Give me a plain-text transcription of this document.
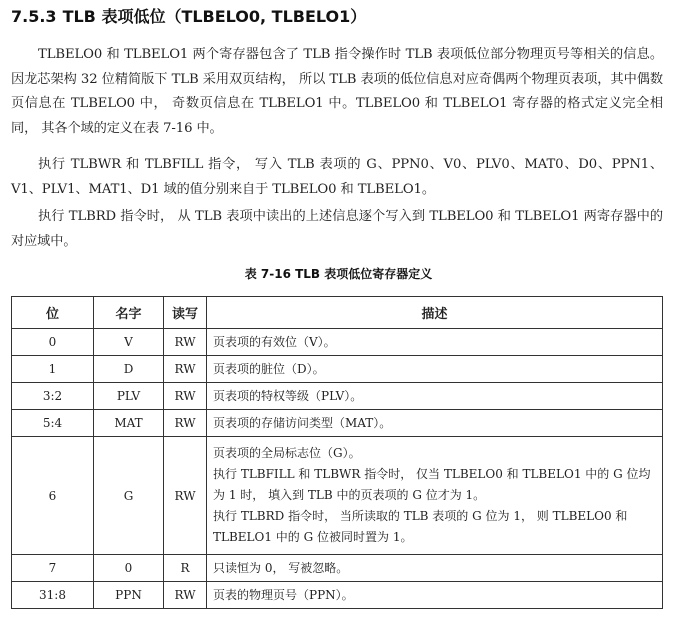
7.5.3 TLB 表项低位（TLBELO0, TLBELO1）

TLBELO0 和 TLBELO1 两个寄存器包含了 TLB 指令操作时 TLB 表项低位部分物理页号等相关的信息。因龙芯架构 32 位精简版下 TLB 采用双页结构， 所以 TLB 表项的低位信息对应奇偶两个物理页表项，其中偶数页信息在 TLBELO0 中， 奇数页信息在 TLBELO1 中。TLBELO0 和 TLBELO1 寄存器的格式定义完全相同， 其各个域的定义在表 7-16 中。

执行 TLBWR 和 TLBFILL 指令， 写入 TLB 表项的 G、PPN0、V0、PLV0、MAT0、D0、PPN1、V1、PLV1、MAT1、D1 域的值分别来自于 TLBELO0 和 TLBELO1。

执行 TLBRD 指令时， 从 TLB 表项中读出的上述信息逐个写入到 TLBELO0 和 TLBELO1 两寄存器中的对应域中。

表 7-16 TLB 表项低位寄存器定义
位	名字	读写	描述
0	V	RW	页表项的有效位（V）。
1	D	RW	页表项的脏位（D）。
3:2	PLV	RW	页表项的特权等级（PLV）。
5:4	MAT	RW	页表项的存储访问类型（MAT）。
6	G	RW	页表项的全局标志位（G）。
执行 TLBFILL 和 TLBWR 指令时， 仅当 TLBELO0 和 TLBELO1 中的 G 位均为 1 时， 填入到 TLB 中的页表项的 G 位才为 1。
执行 TLBRD 指令时， 当所读取的 TLB 表项的 G 位为 1， 则 TLBELO0 和 TLBELO1 中的 G 位被同时置为 1。

7	0	R	只读恒为 0， 写被忽略。
31:8	PPN	RW	页表的物理页号（PPN）。
